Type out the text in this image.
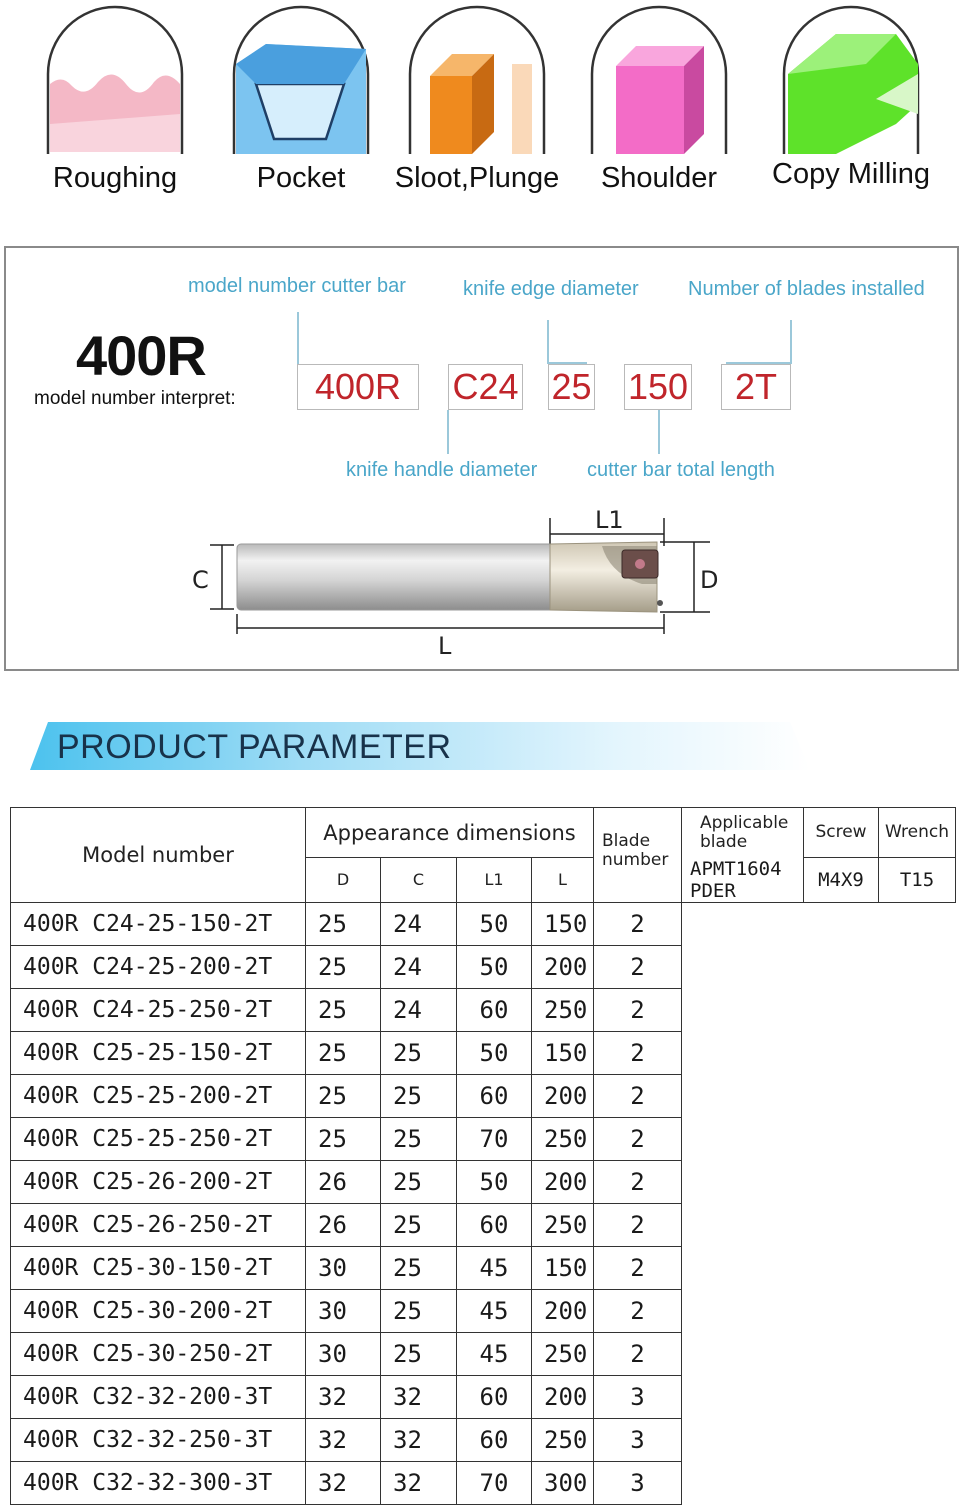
Roughing	Pocket	Sloot,Plunge	Shoulder	Copy Milling
400R
model number interpret:
model number cutter bar	knife edge diameter Number of blades installed
knife handle diameter cutter bar total length
400R	C24 25 150	2T
L1
C	D
L
PRODUCT PARAMETER
Model number	Appearance dimensions				Blade number	Applicable blade	Screw	Wrench
	D	C	L1	L		APMT1604 PDER	M4X9	T15
400R C24-25-150-2T	25	24	50	150	2			
400R C24-25-200-2T	25	24	50	200	2			
400R C24-25-250-2T	25	24	60	250	2			
400R C25-25-150-2T	25	25	50	150	2			
400R C25-25-200-2T	25	25	60	200	2			
400R C25-25-250-2T	25	25	70	250	2			
400R C25-26-200-2T	26	25	50	200	2			
400R C25-26-250-2T	26	25	60	250	2			
400R C25-30-150-2T	30	25	45	150	2			
400R C25-30-200-2T	30	25	45	200	2			
400R C25-30-250-2T	30	25	45	250	2			
400R C32-32-200-3T	32	32	60	200	3			
400R C32-32-250-3T	32	32	60	250	3			
400R C32-32-300-3T	32	32	70	300	3			
